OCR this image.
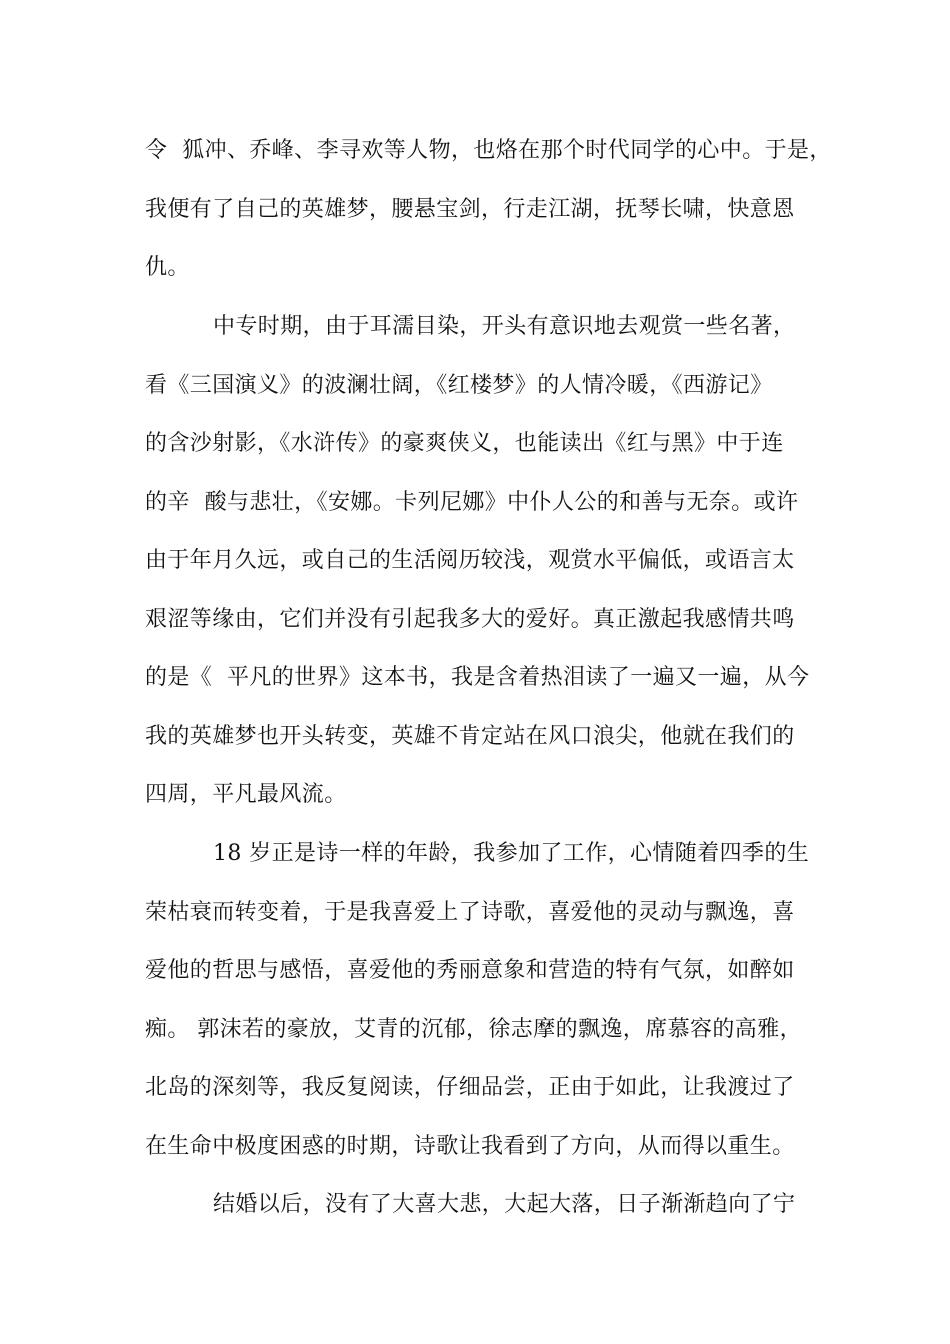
令  狐冲、乔峰、李寻欢等人物，也烙在那个时代同学的心中。于是，
我便有了自己的英雄梦，腰悬宝剑，行走江湖，抚琴长啸，快意恩
仇。
中专时期，由于耳濡目染，开头有意识地去观赏一些名著，
看《三国演义》的波澜壮阔，《红楼梦》的人情冷暖，《西游记》
的含沙射影，《水浒传》的豪爽侠义，也能读出《红与黑》中于连
的辛  酸与悲壮，《安娜。卡列尼娜》中仆人公的和善与无奈。或许
由于年月久远，或自己的生活阅历较浅，观赏水平偏低，或语言太
艰涩等缘由，它们并没有引起我多大的爱好。真正激起我感情共鸣
的是《  平凡的世界》这本书，我是含着热泪读了一遍又一遍，从今
我的英雄梦也开头转变，英雄不肯定站在风口浪尖，他就在我们的
四周，平凡最风流。
18 岁正是诗一样的年龄，我参加了工作，心情随着四季的生
荣枯衰而转变着，于是我喜爱上了诗歌，喜爱他的灵动与飘逸，喜
爱他的哲思与感悟，喜爱他的秀丽意象和营造的特有气氛，如醉如
痴。 郭沫若的豪放，艾青的沉郁，徐志摩的飘逸，席慕容的高雅，
北岛的深刻等，我反复阅读，仔细品尝，正由于如此，让我渡过了
在生命中极度困惑的时期，诗歌让我看到了方向，从而得以重生。
结婚以后，没有了大喜大悲，大起大落，日子渐渐趋向了宁
